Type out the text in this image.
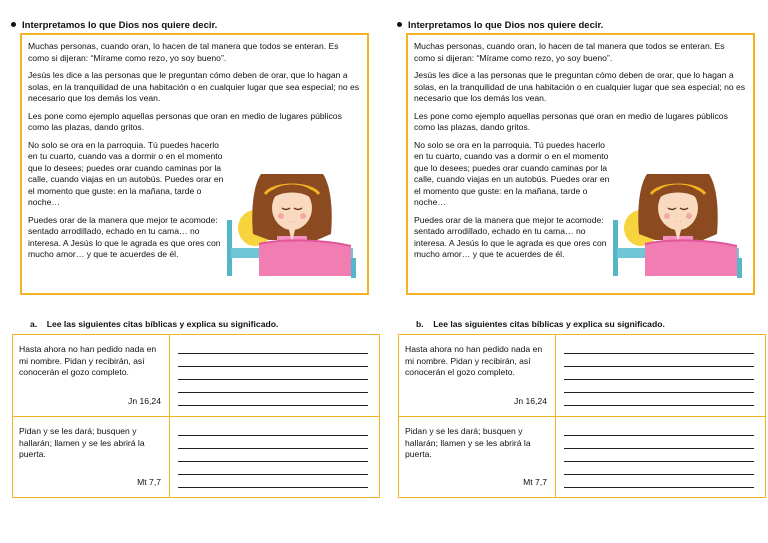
Interpretamos lo que Dios nos quiere decir.

Muchas personas, cuando oran, lo hacen de tal manera que todos se enteran. Es como si dijeran: “Mírame como rezo, yo soy bueno”.

Jesús les dice a las personas que le preguntan cómo deben de orar, que lo hagan a solas, en la tranquilidad de una habitación o en cualquier lugar que sea especial; no es necesario que los demás los vean.

Les pone como ejemplo aquellas personas que oran en medio de lugares públicos como las plazas, dando gritos.

No solo se ora en la parroquia. Tú puedes hacerlo en tu cuarto, cuando vas a dormir o en el momento que lo desees; puedes orar cuando caminas por la calle, cuando viajas en un autobús. Puedes orar en el momento que guste: en la mañana, tarde o noche…

Puedes orar de la manera que mejor te acomode: sentado arrodillado, echado en tu cama… no interesa. A Jesús lo que le agrada es que ores con mucho amor… y que te acuerdes de él.

a.    Lee las siguientes citas bíblicas y explica su significado.
Hasta ahora no han pedido nada en mi nombre. Pidan y recibirán, así conocerán el gozo completo.
Jn 16,24
Pidan y se les dará; busquen y hallarán; llamen y se les abrirá la puerta.
Mt 7,7
Interpretamos lo que Dios nos quiere decir.

Muchas personas, cuando oran, lo hacen de tal manera que todos se enteran. Es como si dijeran: “Mírame como rezo, yo soy bueno”.

Jesús les dice a las personas que le preguntan cómo deben de orar, que lo hagan a solas, en la tranquilidad de una habitación o en cualquier lugar que sea especial; no es necesario que los demás los vean.

Les pone como ejemplo aquellas personas que oran en medio de lugares públicos como las plazas, dando gritos.

No solo se ora en la parroquia. Tú puedes hacerlo en tu cuarto, cuando vas a dormir o en el momento que lo desees; puedes orar cuando caminas por la calle, cuando viajas en un autobús. Puedes orar en el momento que guste: en la mañana, tarde o noche…

Puedes orar de la manera que mejor te acomode: sentado arrodillado, echado en tu cama… no interesa. A Jesús lo que le agrada es que ores con mucho amor… y que te acuerdes de él.

b.    Lee las siguientes citas bíblicas y explica su significado.
Hasta ahora no han pedido nada en mi nombre. Pidan y recibirán, así conocerán el gozo completo.
Jn 16,24
Pidan y se les dará; busquen y hallarán; llamen y se les abrirá la puerta.
Mt 7,7
